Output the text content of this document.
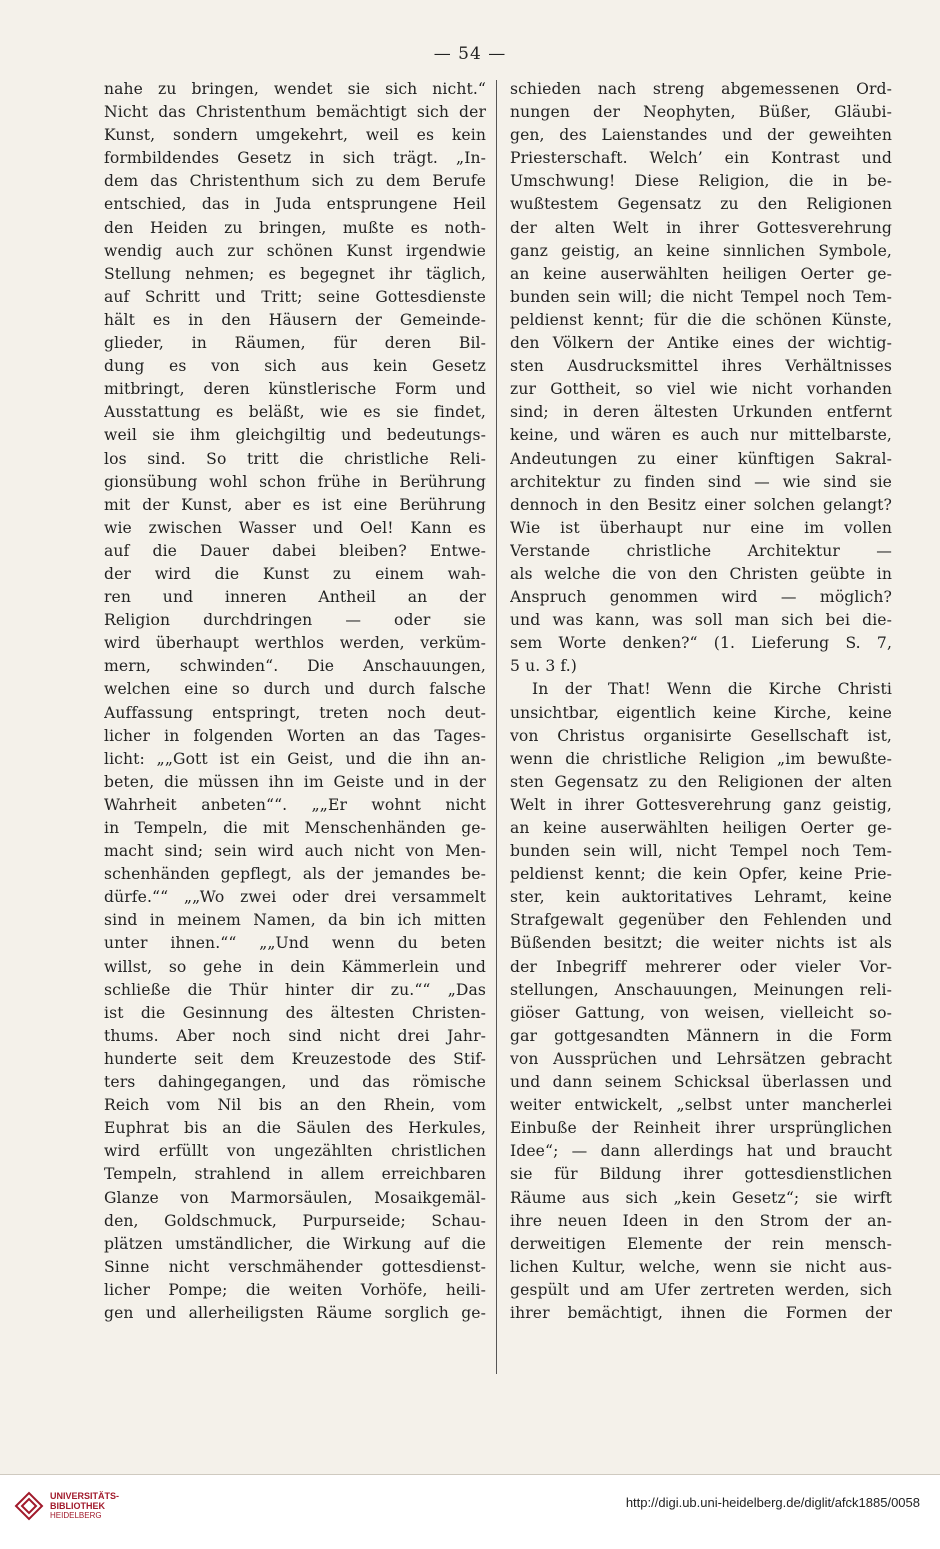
— 54 —
nahe zu bringen, wendet sie sich nicht.“
Nicht das Christenthum bemächtigt sich der
Kunst, sondern umgekehrt, weil es kein
formbildendes Gesetz in sich trägt. „In-
dem das Christenthum sich zu dem Berufe
entschied, das in Juda entsprungene Heil
den Heiden zu bringen, mußte es noth-
wendig auch zur schönen Kunst irgendwie
Stellung nehmen; es begegnet ihr täglich,
auf Schritt und Tritt; seine Gottesdienste
hält es in den Häusern der Gemeinde-
glieder, in Räumen, für deren Bil-
dung es von sich aus kein Gesetz
mitbringt, deren künstlerische Form und
Ausstattung es beläßt, wie es sie findet,
weil sie ihm gleichgiltig und bedeutungs-
los sind. So tritt die christliche Reli-
gionsübung wohl schon frühe in Berührung
mit der Kunst, aber es ist eine Berührung
wie zwischen Wasser und Oel! Kann es
auf die Dauer dabei bleiben? Entwe-
der wird die Kunst zu einem wah-
ren und inneren Antheil an der
Religion durchdringen — oder sie
wird überhaupt werthlos werden, verküm-
mern, schwinden“. Die Anschauungen,
welchen eine so durch und durch falsche
Auffassung entspringt, treten noch deut-
licher in folgenden Worten an das Tages-
licht: „„Gott ist ein Geist, und die ihn an-
beten, die müssen ihn im Geiste und in der
Wahrheit anbeten““. „„Er wohnt nicht
in Tempeln, die mit Menschenhänden ge-
macht sind; sein wird auch nicht von Men-
schenhänden gepflegt, als der jemandes be-
dürfe.““ „„Wo zwei oder drei versammelt
sind in meinem Namen, da bin ich mitten
unter ihnen.““ „„Und wenn du beten
willst, so gehe in dein Kämmerlein und
schließe die Thür hinter dir zu.““ „Das
ist die Gesinnung des ältesten Christen-
thums. Aber noch sind nicht drei Jahr-
hunderte seit dem Kreuzestode des Stif-
ters dahingegangen, und das römische
Reich vom Nil bis an den Rhein, vom
Euphrat bis an die Säulen des Herkules,
wird erfüllt von ungezählten christlichen
Tempeln, strahlend in allem erreichbaren
Glanze von Marmorsäulen, Mosaikgemäl-
den, Goldschmuck, Purpurseide; Schau-
plätzen umständlicher, die Wirkung auf die
Sinne nicht verschmähender gottesdienst-
licher Pompe; die weiten Vorhöfe, heili-
gen und allerheiligsten Räume sorglich ge-
schieden nach streng abgemessenen Ord-
nungen der Neophyten, Büßer, Gläubi-
gen, des Laienstandes und der geweihten
Priesterschaft. Welch’ ein Kontrast und
Umschwung! Diese Religion, die in be-
wußtestem Gegensatz zu den Religionen
der alten Welt in ihrer Gottesverehrung
ganz geistig, an keine sinnlichen Symbole,
an keine auserwählten heiligen Oerter ge-
bunden sein will; die nicht Tempel noch Tem-
peldienst kennt; für die die schönen Künste,
den Völkern der Antike eines der wichtig-
sten Ausdrucksmittel ihres Verhältnisses
zur Gottheit, so viel wie nicht vorhanden
sind; in deren ältesten Urkunden entfernt
keine, und wären es auch nur mittelbarste,
Andeutungen zu einer künftigen Sakral-
architektur zu finden sind — wie sind sie
dennoch in den Besitz einer solchen gelangt?
Wie ist überhaupt nur eine im vollen
Verstande christliche Architektur —
als welche die von den Christen geübte in
Anspruch genommen wird — möglich?
und was kann, was soll man sich bei die-
sem Worte denken?“ (1. Lieferung S. 7,
5 u. 3 f.)
In der That! Wenn die Kirche Christi
unsichtbar, eigentlich keine Kirche, keine
von Christus organisirte Gesellschaft ist,
wenn die christliche Religion „im bewußte-
sten Gegensatz zu den Religionen der alten
Welt in ihrer Gottesverehrung ganz geistig,
an keine auserwählten heiligen Oerter ge-
bunden sein will, nicht Tempel noch Tem-
peldienst kennt; die kein Opfer, keine Prie-
ster, kein auktoritatives Lehramt, keine
Strafgewalt gegenüber den Fehlenden und
Büßenden besitzt; die weiter nichts ist als
der Inbegriff mehrerer oder vieler Vor-
stellungen, Anschauungen, Meinungen reli-
giöser Gattung, von weisen, vielleicht so-
gar gottgesandten Männern in die Form
von Aussprüchen und Lehrsätzen gebracht
und dann seinem Schicksal überlassen und
weiter entwickelt, „selbst unter mancherlei
Einbuße der Reinheit ihrer ursprünglichen
Idee“; — dann allerdings hat und braucht
sie für Bildung ihrer gottesdienstlichen
Räume aus sich „kein Gesetz“; sie wirft
ihre neuen Ideen in den Strom der an-
derweitigen Elemente der rein mensch-
lichen Kultur, welche, wenn sie nicht aus-
gespült und am Ufer zertreten werden, sich
ihrer bemächtigt, ihnen die Formen der
UNIVERSITÄTS-
BIBLIOTHEK
HEIDELBERG
http://digi.ub.uni-heidelberg.de/diglit/afck1885/0058
